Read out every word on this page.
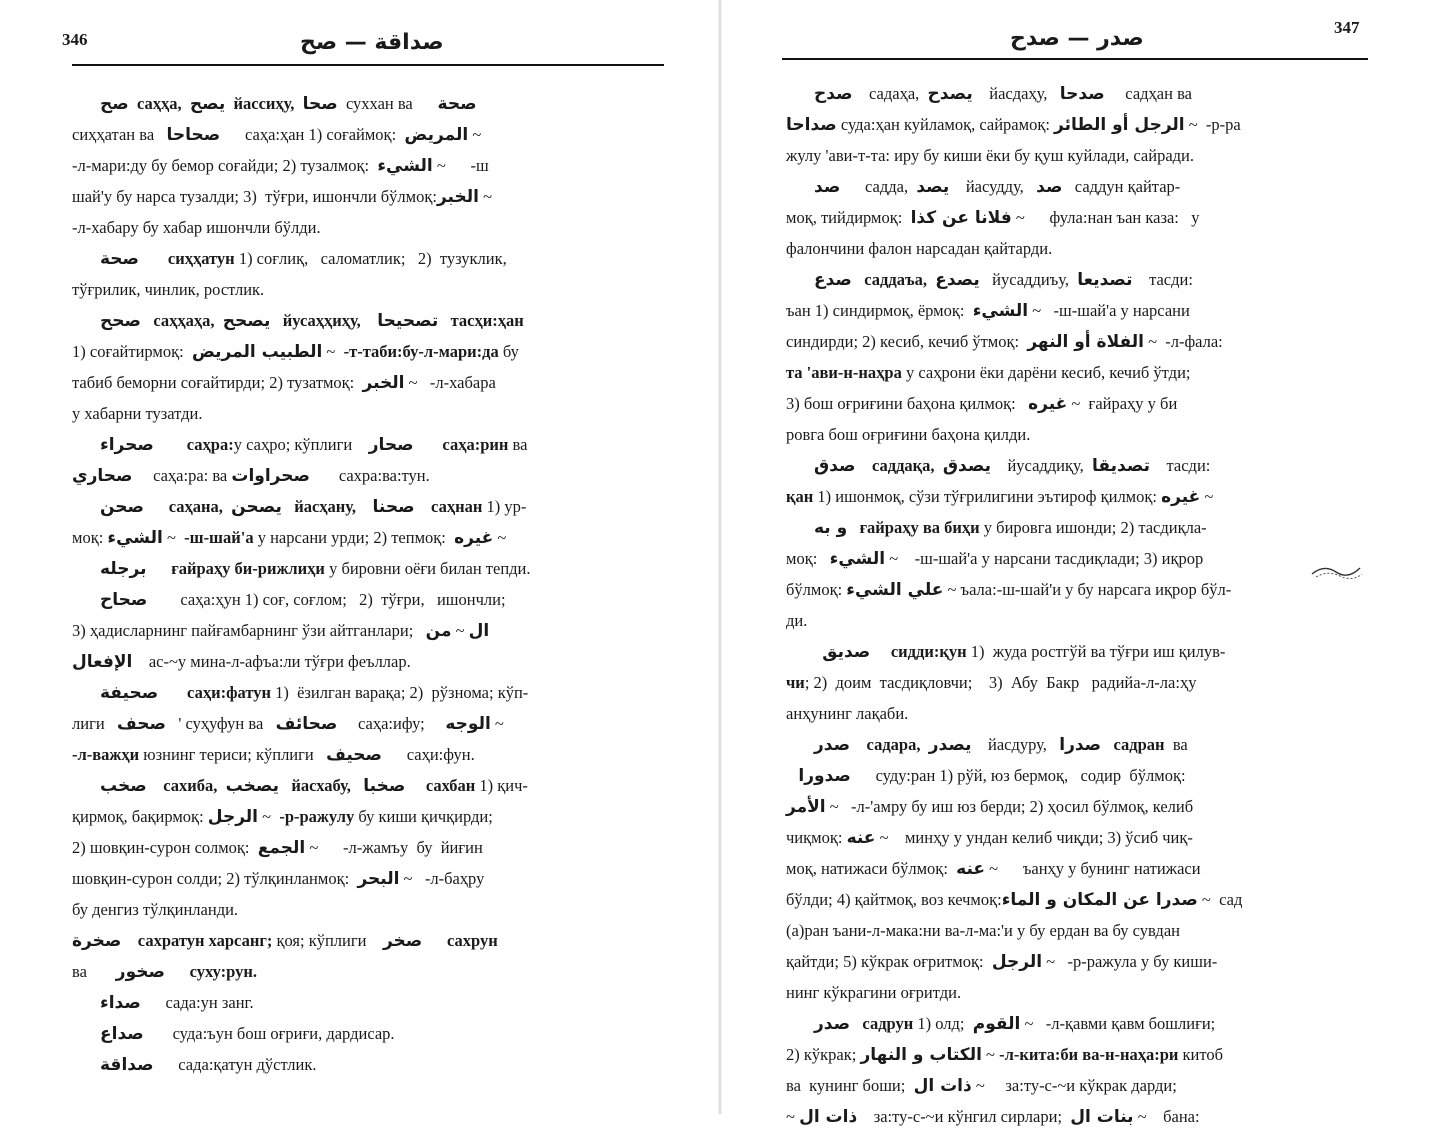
346	صداقة — صح
صح саҳҳа, يصح йассиҳу, صحا  суххан ва      صحة
сиҳҳатан ва   صحاحا      саҳа:ҳан 1) соғаймоқ:  المريض ~
-л-мари:ду бу бемор соғайди; 2) тузалмоқ:  الشيء ~      -ш
шай'у бу нарса тузалди; 3)  тўғри, ишончли бўлмоқ:الخبر ~
-л-хабару бу хабар ишончли бўлди.
صحة сиҳҳатун 1) соғлиқ,   саломатлик;   2)  тузуклик,
тўғрилик, чинлик, ростлик.
صحح саҳҳаҳа, يصحح йусаҳҳиҳу, تصحيحا тасҳи:ҳан
1) соғайтирмоқ:  الطبيب المريض ~  -т-таби:бу-л-мари:да бу
табиб беморни соғайтирди; 2) тузатмоқ:  الخبر ~   -л-хабара
у хабарни тузатди.
صحراء саҳра:у саҳро; кўплиги    صحار саҳа:рин ва
صحاري     саҳа:ра: ва صحراوات       сахра:ва:тун.
صحن саҳана, يصحن йасҳану, صحنا саҳнан 1) ур-
моқ: الشيء ~  -ш-шай'а у нарсани урди; 2) тепмоқ:  غيره ~
برجله ғайраҳу би-рижлиҳи у бировни оёғи билан тепди.
صحاح        саҳа:ҳун 1) соғ, соғлом;   2)  тўғри,   ишончли;
3) ҳадисларнинг пайғамбарнинг ўзи айтганлари;   من ~ ال
الإفعال    ас-~у мина-л-афъа:ли тўғри феъллар.
صحيفة саҳи:фатун 1)  ёзилган варақа; 2)  рўзнома; кўп-
лиги   صحف   ' суҳуфун ва   صحائف     саҳа:ифу;     الوجه ~
-л-важҳи юзнинг териси; кўплиги   صحيف      саҳи:фун.
صخب сахиба, يصخب йасхабу, صخبا сахбан 1) қич-
қирмоқ, бақирмоқ: الرجل ~  -р-ражулу бу киши қичқирди;
2) шовқин-сурон солмоқ:  الجمع ~      -л-жамъу  бу  йиғин
шовқин-сурон солди; 2) тўлқинланмоқ:  البحر ~   -л-баҳру
бу денгиз тўлқинланди.
صخرة сахратун харсанг; қоя; кўплиги    صخر сахрун
ва       صخور суху:рун.
صداء      сада:ун занг.
صداع       суда:ъун бош оғриғи, дардисар.
صداقة      сада:қатун дўстлик.
صدر — صدح	347
صدح    садаҳа,  يصدح    йасдаҳу,   صدحا     садҳан ва
صداحا суда:ҳан куйламоқ, сайрамоқ: الرجل أو الطائر ~  -р-ра
жулу 'ави-т-та: иру бу киши ёки бу қуш куйлади, сайради.
صد      садда,  يصد    йасудду,   صد   саддун қайтар-
моқ, тийдирмоқ:  فلانا عن كذا ~      фула:нан ъан каза:   у
фалончини фалон нарсадан қайтарди.
صدع саддаъа, يصدع   йусаддиъу,  تصديعا    тасди:
ъан 1) синдирмоқ, ёрмоқ:  الشيء ~   -ш-шай'а у нарсани
синдирди; 2) кесиб, кечиб ўтмоқ:  الفلاة أو النهر ~  -л-фала:
та 'ави-н-наҳра у саҳрони ёки дарёни кесиб, кечиб ўтди;
3) бош оғриғини баҳона қилмоқ:   غيره ~  ғайраҳу у би
ровга бош оғриғини баҳона қилди.
صدق саддақа, يصدق    йусаддиқу,  تصديقا    тасди:
қан 1) ишонмоқ, сўзи тўғрилигини эътироф қилмоқ: غيره ~
و به ғайраҳу ва биҳи у бировга ишонди; 2) тасдиқла-
моқ:   الشيء ~    -ш-шай'а у нарсани тасдиқлади; 3) иқрор
бўлмоқ: علي الشيء ~ ъала:-ш-шай'и у бу нарсага иқрор бўл-
ди.
صديق сидди:қун 1)  жуда ростгўй ва тўғри иш қилув-
чи; 2)  доим  тасдиқловчи;    3)  Абу  Бакр   радийа-л-ла:ҳу
анҳунинг лақаби.
صدر садара, يصدر    йасдуру,   صدرا садран  ва
صدورا      суду:ран 1) рўй, юз бермоқ,   содир  бўлмоқ:
الأمر ~   -л-'амру бу иш юз берди; 2) ҳосил бўлмоқ, келиб
чиқмоқ: عنه ~    минҳу у ундан келиб чиқди; 3) ўсиб чиқ-
моқ, натижаси бўлмоқ:  عنه ~      ъанҳу у бунинг натижаси
бўлди; 4) қайтмоқ, воз кечмоқ:صدرا عن المكان و الماء ~  сад
(а)ран ъани-л-мака:ни ва-л-ма:'и у бу ердан ва бу сувдан
қайтди; 5) кўкрак оғритмоқ:  الرجل ~   -р-ражула у бу киши-
нинг кўкрагини оғритди.
صدر садрун 1) олд;  القوم ~   -л-қавми қавм бошлиғи;
2) кўкрак; الكتاب و النهار ~ -л-кита:би ва-н-наҳа:ри китоб
ва  кунинг боши;  ذات ال ~     за:ту-с-~и кўкрак дарди;
~ ذات ال    за:ту-с-~и кўнгил сирлари;  بنات ال ~    бана:
